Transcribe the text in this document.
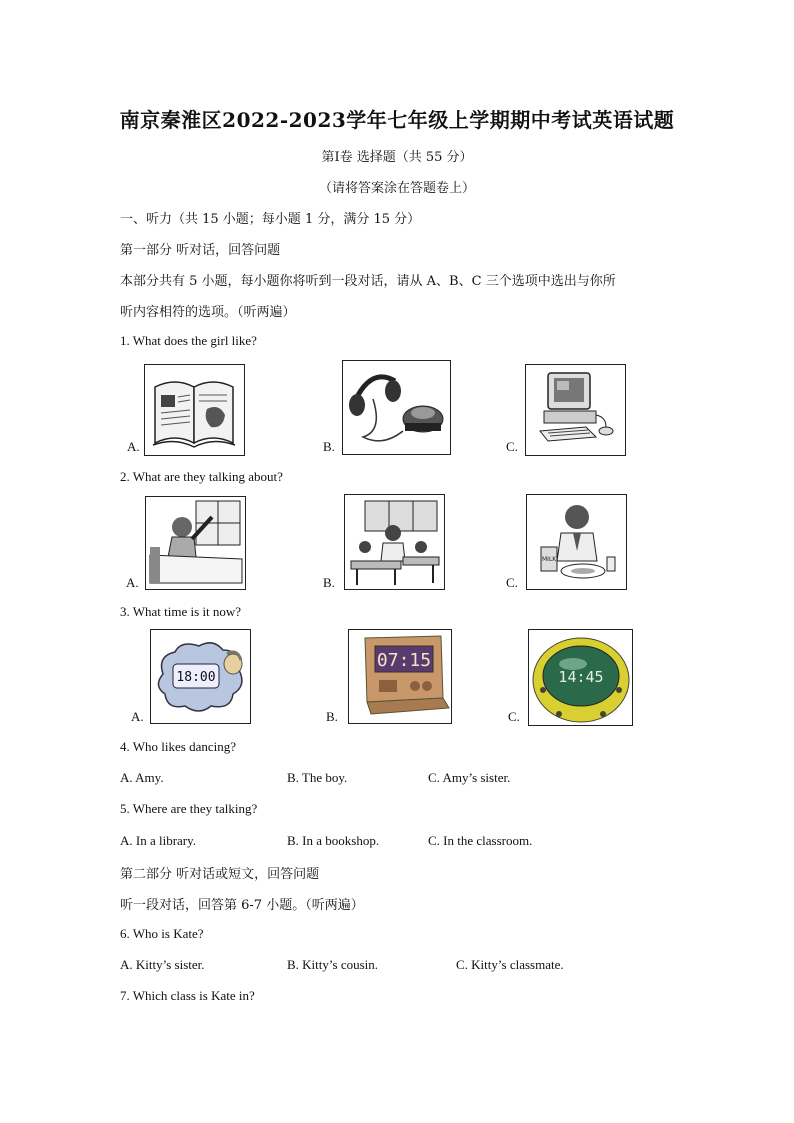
南京秦淮区2022-2023学年七年级上学期期中考试英语试题
第Ⅰ卷 选择题（共 55 分）
（请将答案涂在答题卷上）
一、听力（共 15 小题；每小题 1 分，满分 15 分）
第一部分 听对话，回答问题
本部分共有 5 小题，每小题你将听到一段对话，请从 A、B、C 三个选项中选出与你所
听内容相符的选项。（听两遍）
1. What does the girl like?
A.	B.	C.
2. What are they talking about?
A.	B.	C.
MILK
3. What time is it now?
A.
18:00
B.
07:15
C.
14:45
4. Who likes dancing?
A. Amy.	B. The boy.	C. Amy’s sister.
5. Where are they talking?
A. In a library.	B. In a bookshop.	C. In the classroom.
第二部分 听对话或短文，回答问题
听一段对话，回答第 6-7 小题。（听两遍）
6. Who is Kate?
A. Kitty’s sister.	B. Kitty’s cousin.	C. Kitty’s classmate.
7. Which class is Kate in?
